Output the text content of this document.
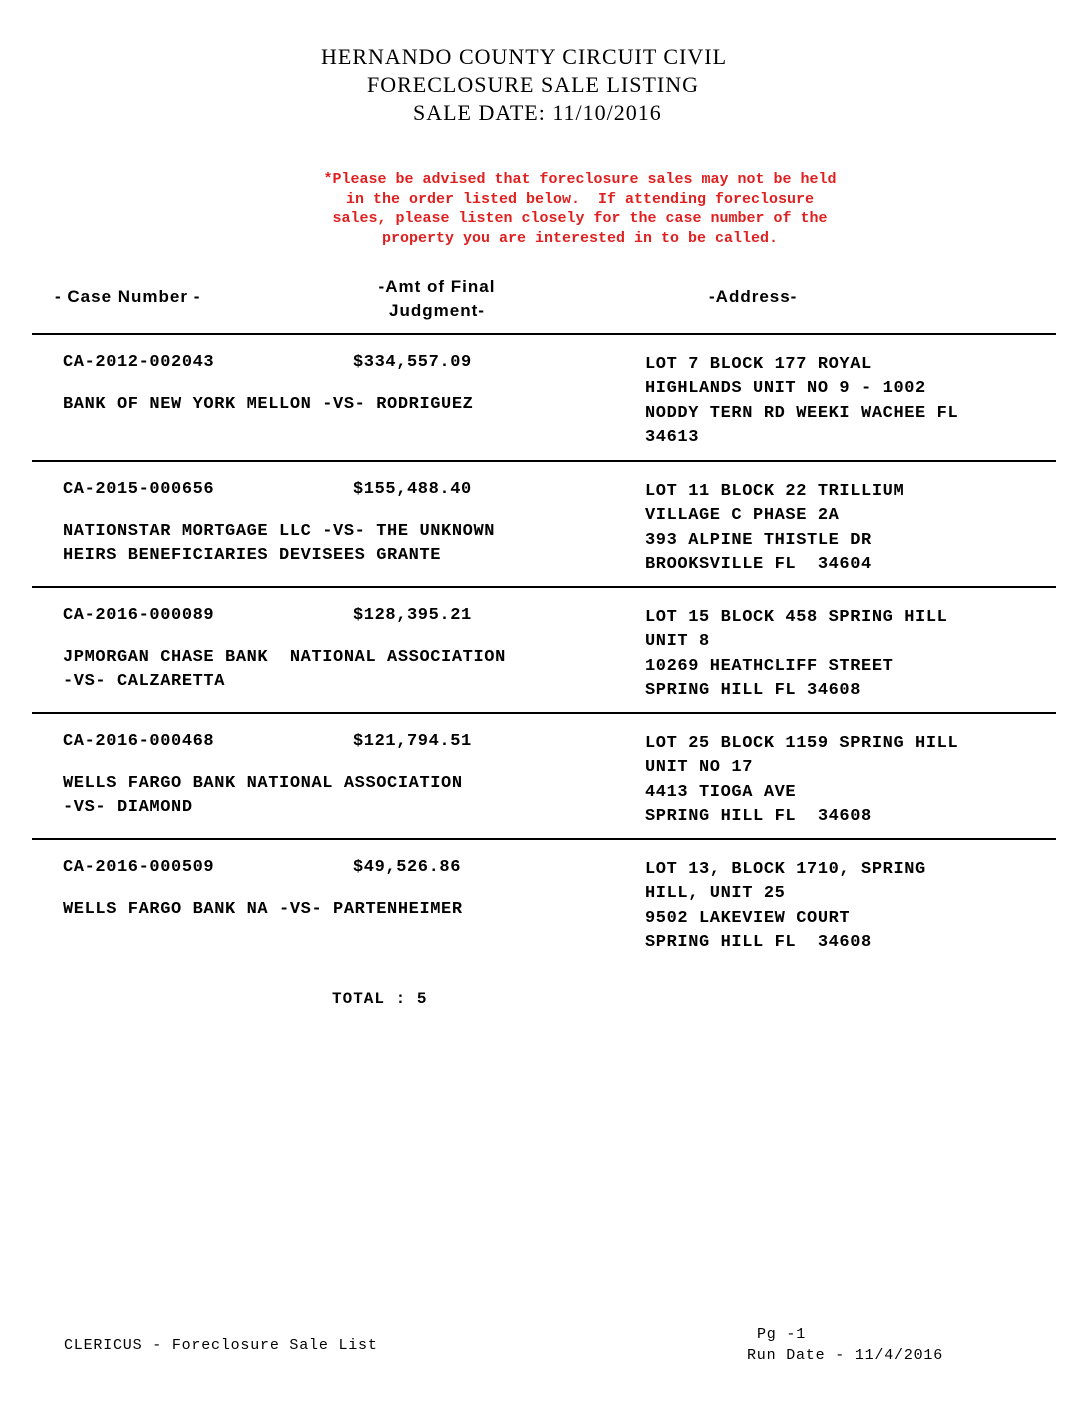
HERNANDO COUNTY CIRCUIT CIVIL
FORECLOSURE SALE LISTING
SALE DATE: 11/10/2016
*Please be advised that foreclosure sales may not be held
in the order listed below.  If attending foreclosure
sales, please listen closely for the case number of the
property you are interested in to be called.
- Case Number -
-Amt of Final
Judgment-
-Address-
CA-2012-002043	$334,557.09
BANK OF NEW YORK MELLON -VS- RODRIGUEZ
LOT 7 BLOCK 177 ROYAL
HIGHLANDS UNIT NO 9 - 1002
NODDY TERN RD WEEKI WACHEE FL
34613
CA-2015-000656	$155,488.40
NATIONSTAR MORTGAGE LLC -VS- THE UNKNOWN
HEIRS BENEFICIARIES DEVISEES GRANTE
LOT 11 BLOCK 22 TRILLIUM
VILLAGE C PHASE 2A
393 ALPINE THISTLE DR
BROOKSVILLE FL  34604
CA-2016-000089	$128,395.21
JPMORGAN CHASE BANK  NATIONAL ASSOCIATION
-VS- CALZARETTA
LOT 15 BLOCK 458 SPRING HILL
UNIT 8
10269 HEATHCLIFF STREET
SPRING HILL FL 34608
CA-2016-000468	$121,794.51
WELLS FARGO BANK NATIONAL ASSOCIATION
-VS- DIAMOND
LOT 25 BLOCK 1159 SPRING HILL
UNIT NO 17
4413 TIOGA AVE
SPRING HILL FL  34608
CA-2016-000509	$49,526.86
WELLS FARGO BANK NA -VS- PARTENHEIMER
LOT 13, BLOCK 1710, SPRING
HILL, UNIT 25
9502 LAKEVIEW COURT
SPRING HILL FL  34608
TOTAL : 5
CLERICUS - Foreclosure Sale List
Pg -1
Run Date - 11/4/2016
